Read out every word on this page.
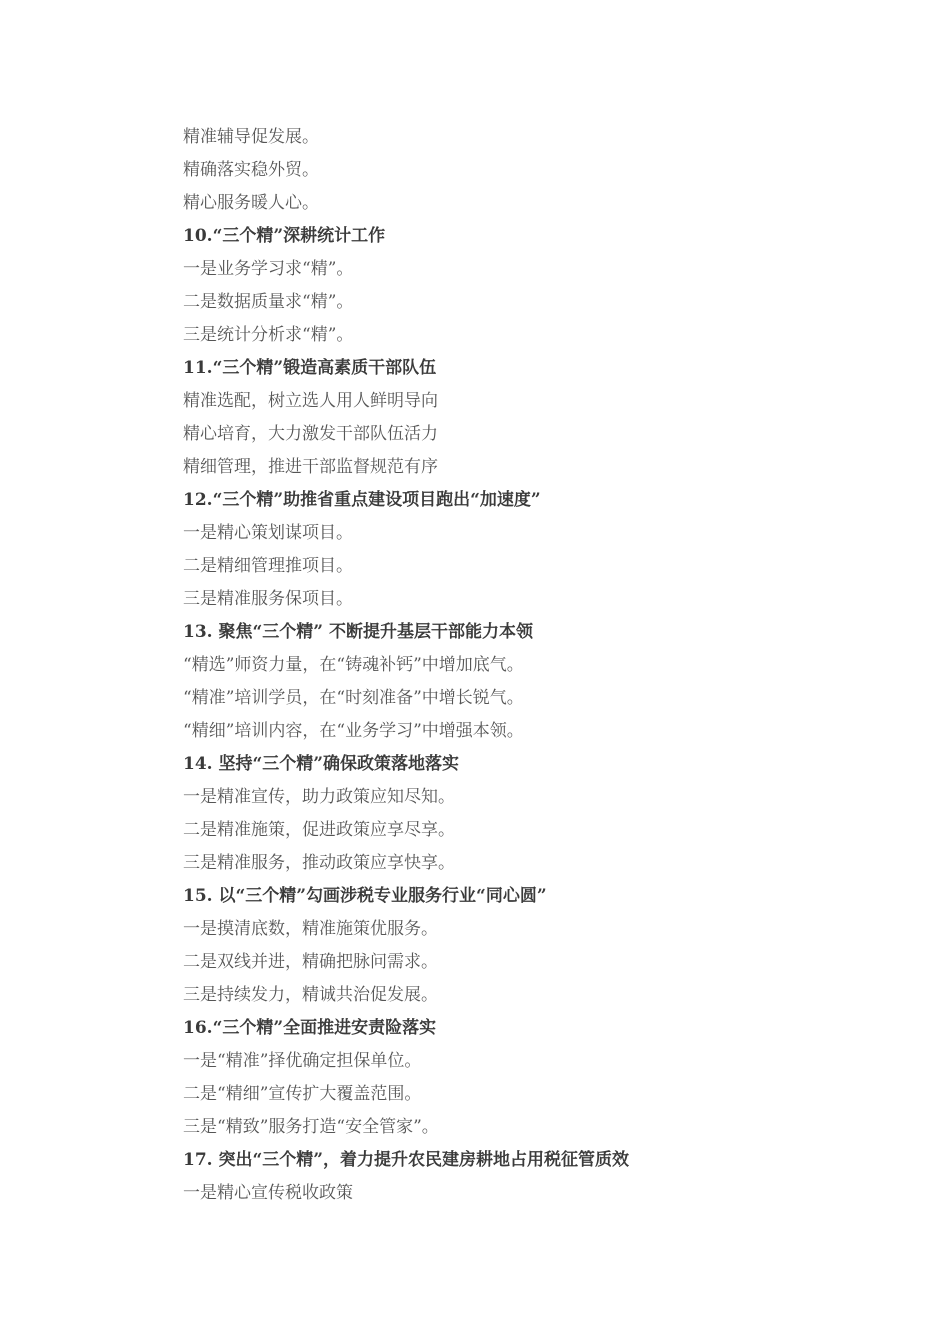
精准辅导促发展。
精确落实稳外贸。
精心服务暖人心。
10.“三个精”深耕统计工作
一是业务学习求“精”。
二是数据质量求“精”。
三是统计分析求“精”。
11.“三个精”锻造高素质干部队伍
精准选配，树立选人用人鲜明导向
精心培育，大力激发干部队伍活力
精细管理，推进干部监督规范有序
12.“三个精”助推省重点建设项目跑出“加速度”
一是精心策划谋项目。
二是精细管理推项目。
三是精准服务保项目。
13. 聚焦“三个精” 不断提升基层干部能力本领
“精选”师资力量，在“铸魂补钙”中增加底气。
“精准”培训学员，在“时刻准备”中增长锐气。
“精细”培训内容，在“业务学习”中增强本领。
14. 坚持“三个精”确保政策落地落实
一是精准宣传，助力政策应知尽知。
二是精准施策，促进政策应享尽享。
三是精准服务，推动政策应享快享。
15. 以“三个精”勾画涉税专业服务行业“同心圆”
一是摸清底数，精准施策优服务。
二是双线并进，精确把脉问需求。
三是持续发力，精诚共治促发展。
16.“三个精”全面推进安责险落实
一是“精准”择优确定担保单位。
二是“精细”宣传扩大覆盖范围。
三是“精致”服务打造“安全管家”。
17. 突出“三个精”，着力提升农民建房耕地占用税征管质效
一是精心宣传税收政策
